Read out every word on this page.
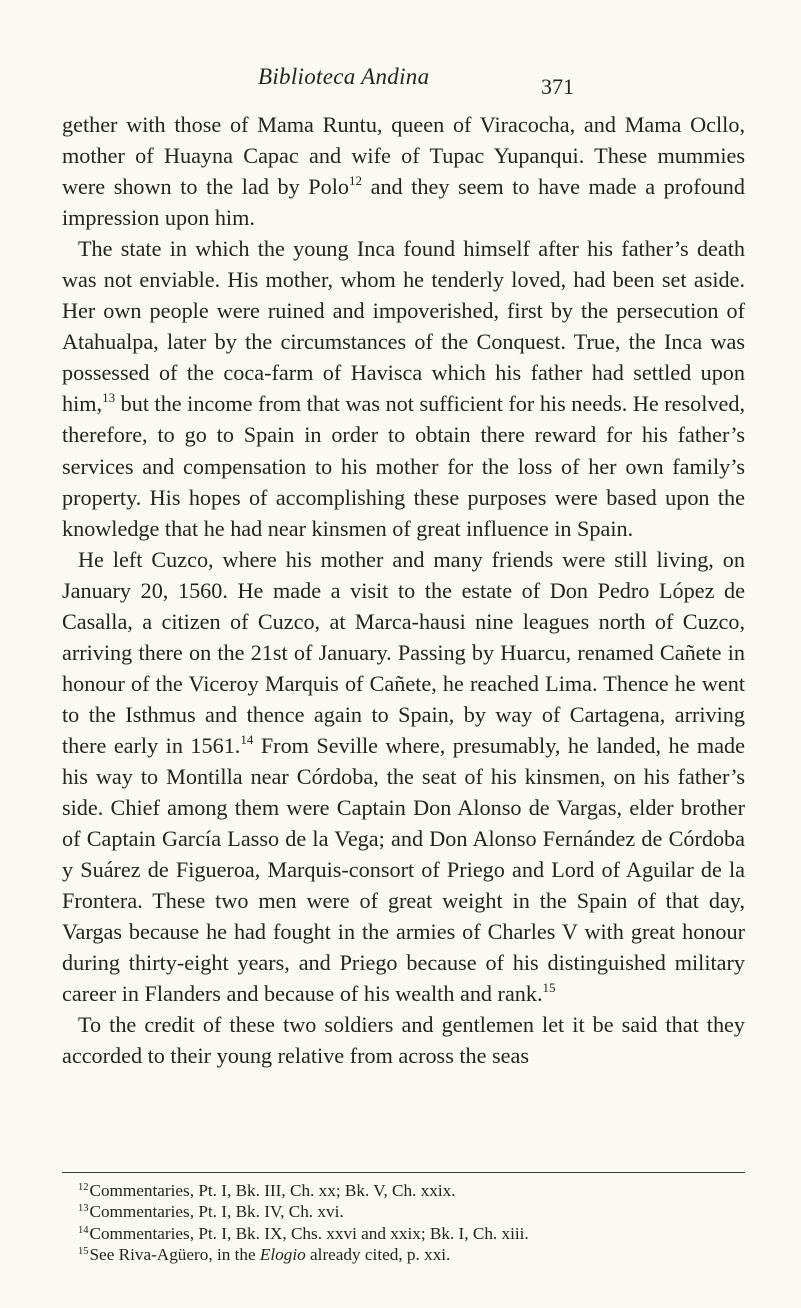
Biblioteca Andina	371

gether with those of Mama Runtu, queen of Viracocha, and Mama Ocllo, mother of Huayna Capac and wife of Tupac Yupanqui. These mummies were shown to the lad by Polo$^{12}$ and they seem to have made a profound impression upon him.

The state in which the young Inca found himself after his father’s death was not enviable. His mother, whom he tenderly loved, had been set aside. Her own people were ruined and impoverished, first by the persecution of Atahualpa, later by the circumstances of the Conquest. True, the Inca was possessed of the coca-farm of Havisca which his father had settled upon him,$^{13}$ but the income from that was not sufficient for his needs. He resolved, therefore, to go to Spain in order to obtain there reward for his father’s services and compensation to his mother for the loss of her own family’s property. His hopes of accomplishing these purposes were based upon the knowledge that he had near kinsmen of great influence in Spain.

He left Cuzco, where his mother and many friends were still living, on January 20, 1560. He made a visit to the estate of Don Pedro López de Casalla, a citizen of Cuzco, at Marca-hausi nine leagues north of Cuzco, arriving there on the 21st of January. Passing by Huarcu, renamed Cañete in honour of the Viceroy Marquis of Cañete, he reached Lima. Thence he went to the Isthmus and thence again to Spain, by way of Cartagena, arriving there early in 1561.14 From Seville where, presumably, he landed, he made his way to Montilla near Córdoba, the seat of his kinsmen, on his father’s side. Chief among them were Captain Don Alonso de Vargas, elder brother of Captain García Lasso de la Vega; and Don Alonso Fernández de Córdoba y Suárez de Figueroa, Marquis-consort of Priego and Lord of Aguilar de la Frontera. These two men were of great weight in the Spain of that day, Vargas because he had fought in the armies of Charles V with great honour during thirty-eight years, and Priego because of his distinguished military career in Flanders and because of his wealth and rank.$^{15}$

To the credit of these two soldiers and gentlemen let it be said that they accorded to their young relative from across the seas

$^{12}$Commentaries, Pt. I, Bk. III, Ch. xx; Bk. V, Ch. xxix.
$^{13}$Commentaries, Pt. I, Bk. IV, Ch. xvi.
$^{14}$Commentaries, Pt. I, Bk. IX, Chs. xxvi and xxix; Bk. I, Ch. xiii.
$^{15}$See Riva-Agüero, in the Elogio already cited, p. xxi.
